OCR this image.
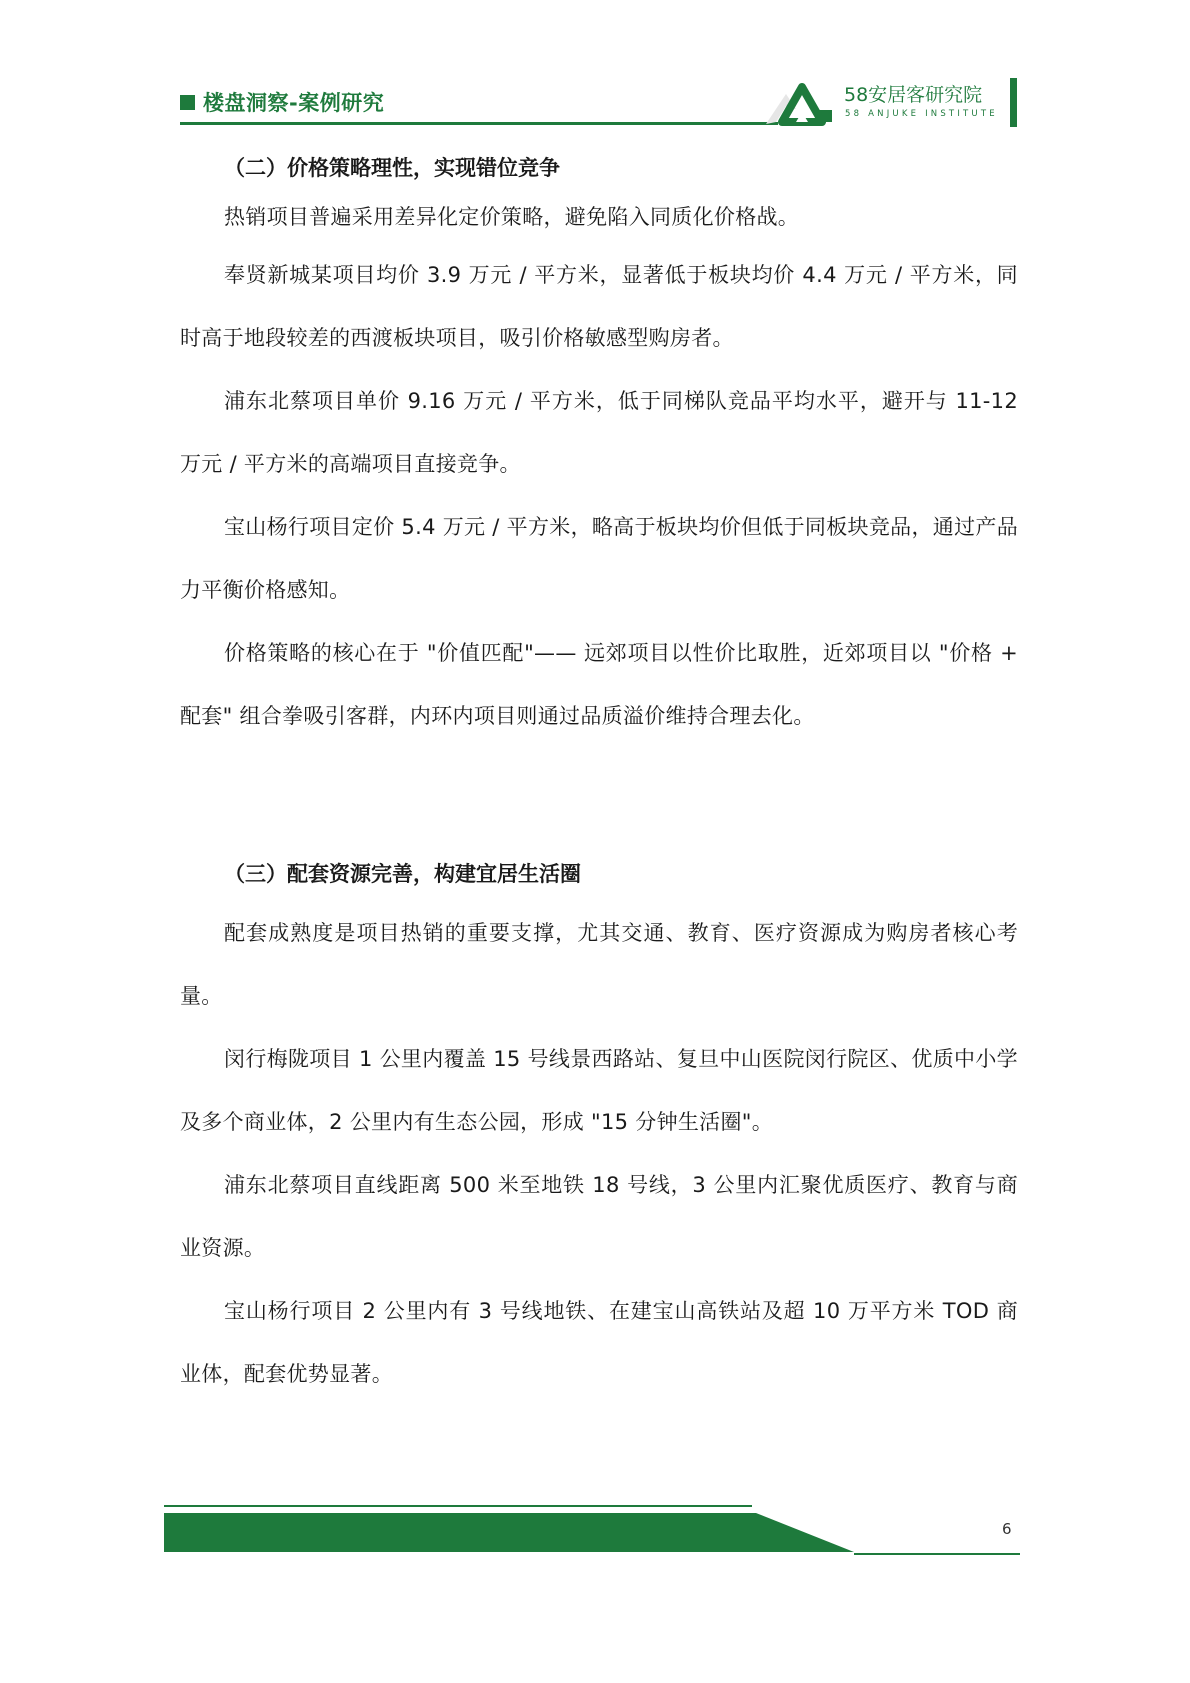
楼盘洞察-案例研究	58安居客研究院
58 ANJUKE INSTITUTE
（二）价格策略理性，实现错位竞争
热销项目普遍采用差异化定价策略，避免陷入同质化价格战。
奉贤新城某项目均价 3.9 万元 / 平方米，显著低于板块均价 4.4 万元 / 平方米，同时高于地段较差的西渡板块项目，吸引价格敏感型购房者。
浦东北蔡项目单价 9.16 万元 / 平方米，低于同梯队竞品平均水平，避开与 11-12 万元 / 平方米的高端项目直接竞争。
宝山杨行项目定价 5.4 万元 / 平方米，略高于板块均价但低于同板块竞品，通过产品力平衡价格感知。
价格策略的核心在于 "价值匹配"—— 远郊项目以性价比取胜，近郊项目以 "价格 + 配套" 组合拳吸引客群，内环内项目则通过品质溢价维持合理去化。
（三）配套资源完善，构建宜居生活圈
配套成熟度是项目热销的重要支撑，尤其交通、教育、医疗资源成为购房者核心考量。
闵行梅陇项目 1 公里内覆盖 15 号线景西路站、复旦中山医院闵行院区、优质中小学及多个商业体，2 公里内有生态公园，形成 "15 分钟生活圈"。
浦东北蔡项目直线距离 500 米至地铁 18 号线，3 公里内汇聚优质医疗、教育与商业资源。
宝山杨行项目 2 公里内有 3 号线地铁、在建宝山高铁站及超 10 万平方米 TOD 商业体，配套优势显著。
6
